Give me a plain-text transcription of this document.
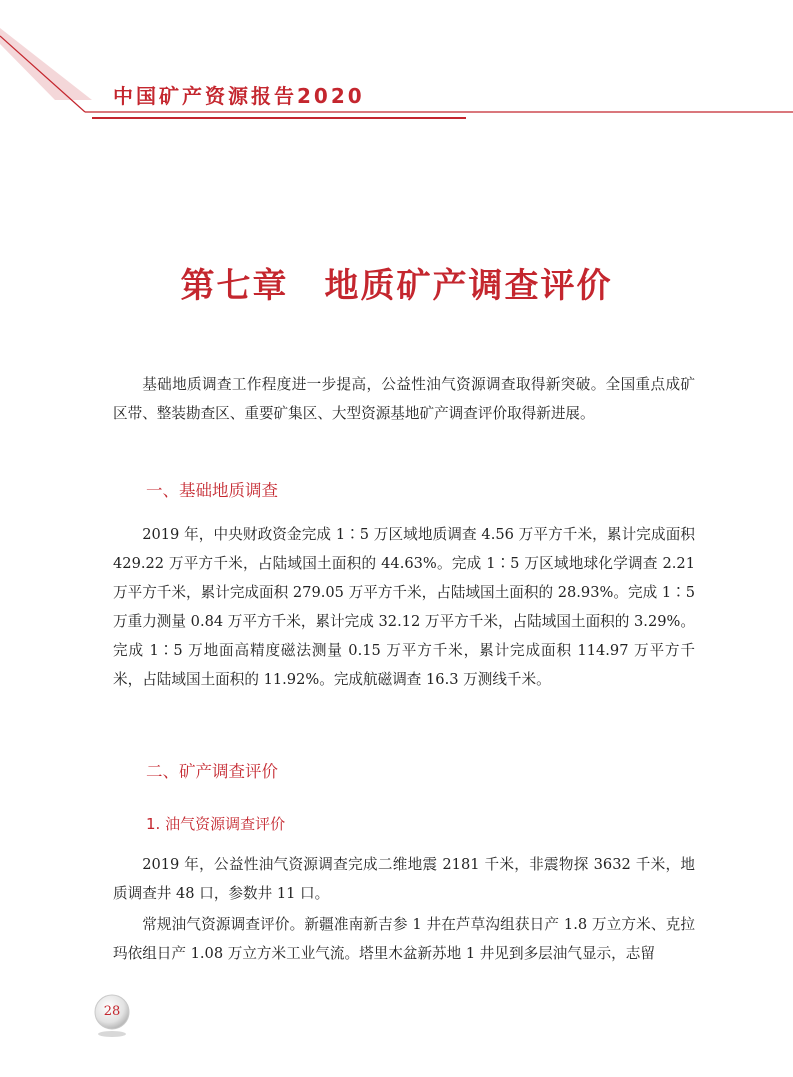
中国矿产资源报告2020
第七章　地质矿产调查评价

基础地质调查工作程度进一步提高，公益性油气资源调查取得新突破。全国重点成矿区带、整装勘查区、重要矿集区、大型资源基地矿产调查评价取得新进展。

一、基础地质调查

2019 年，中央财政资金完成 1∶5 万区域地质调查 4.56 万平方千米，累计完成面积 429.22 万平方千米，占陆域国土面积的 44.63%。完成 1∶5 万区域地球化学调查 2.21 万平方千米，累计完成面积 279.05 万平方千米，占陆域国土面积的 28.93%。完成 1∶5 万重力测量 0.84 万平方千米，累计完成 32.12 万平方千米，占陆域国土面积的 3.29%。完成 1∶5 万地面高精度磁法测量 0.15 万平方千米，累计完成面积 114.97 万平方千米，占陆域国土面积的 11.92%。完成航磁调查 16.3 万测线千米。

二、矿产调查评价
1. 油气资源调查评价

2019 年，公益性油气资源调查完成二维地震 2181 千米，非震物探 3632 千米，地质调查井 48 口，参数井 11 口。

常规油气资源调查评价。新疆准南新吉参 1 井在芦草沟组获日产 1.8 万立方米、克拉玛依组日产 1.08 万立方米工业气流。塔里木盆新苏地 1 井见到多层油气显示，志留

28
